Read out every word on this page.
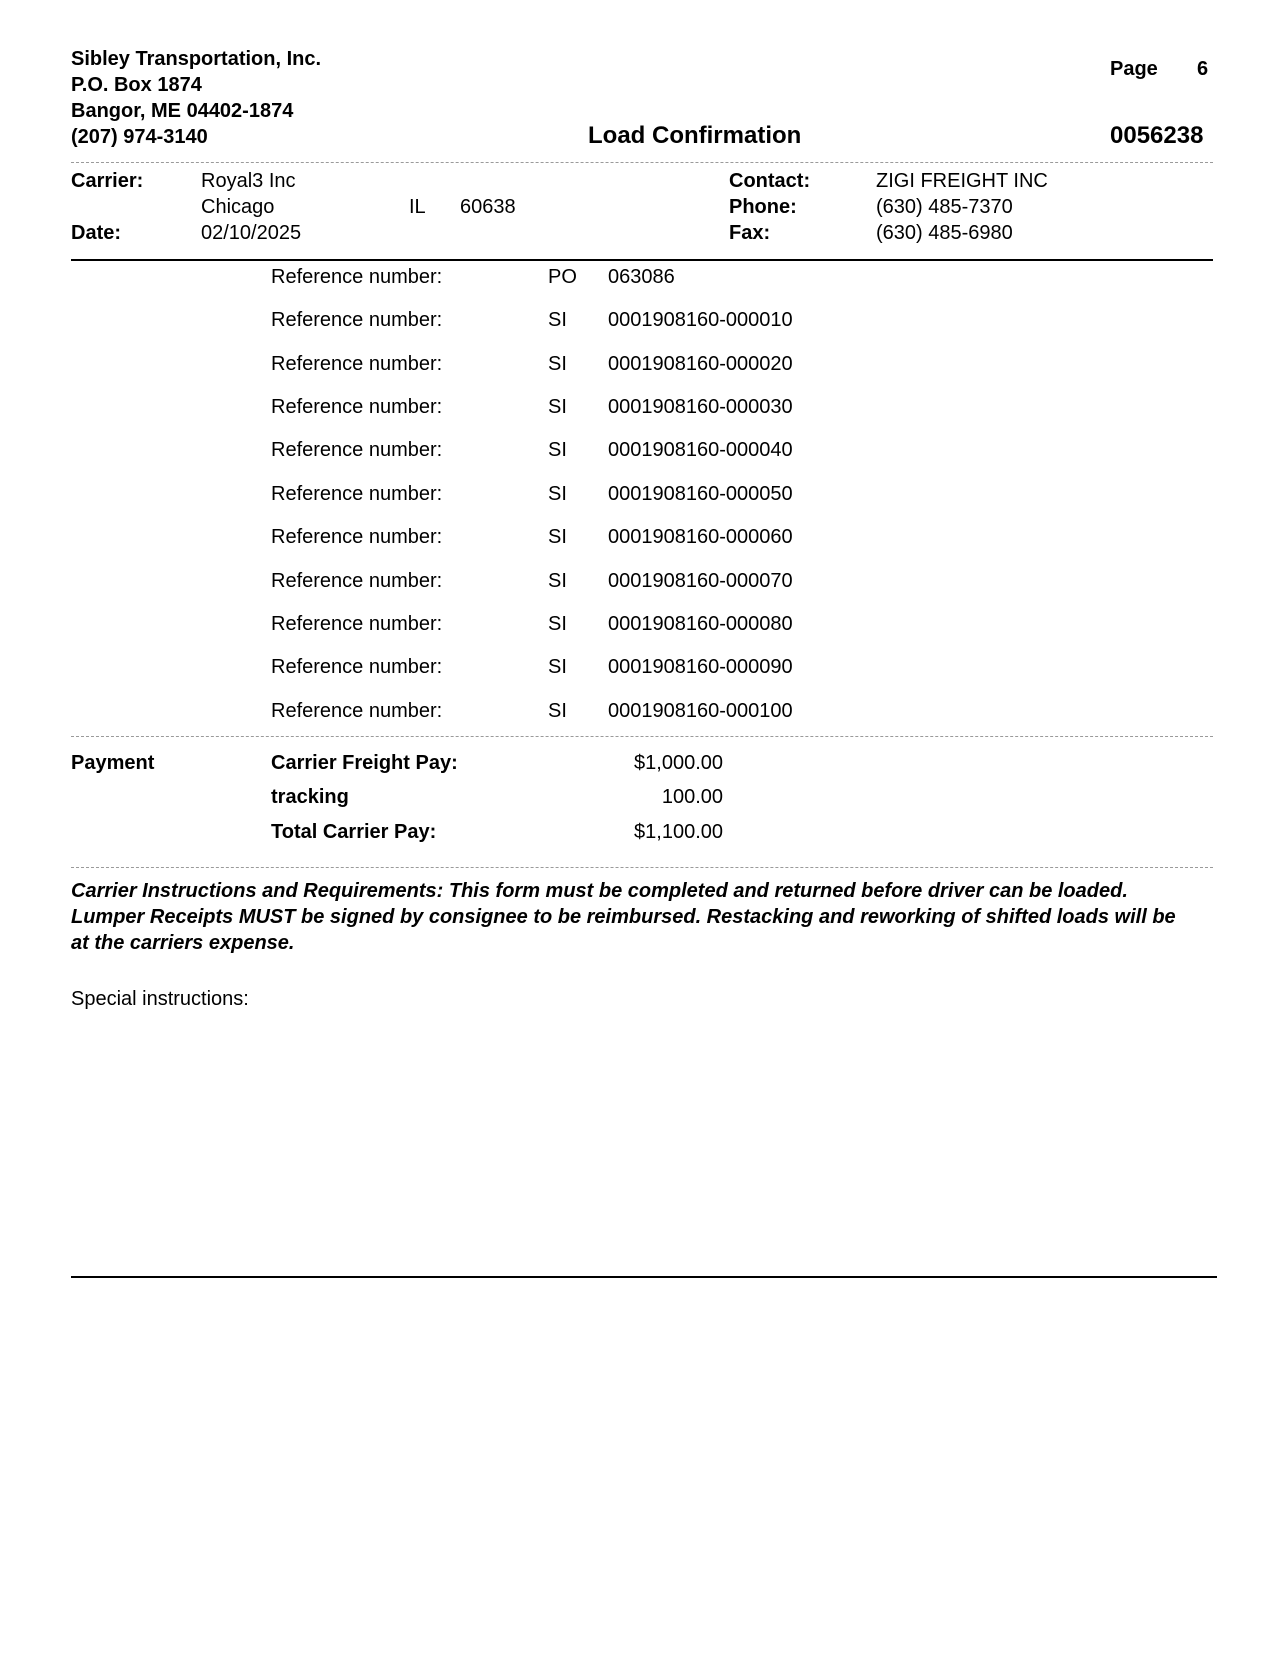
Sibley Transportation, Inc.
P.O. Box 1874
Bangor, ME 04402-1874
(207) 974-3140
Page 6
Load Confirmation	0056238
Carrier:	Royal3 Inc
Chicago	IL 60638
Date:	02/10/2025
Contact:	ZIGI FREIGHT INC
Phone:	(630) 485-7370
Fax:	(630) 485-6980
Reference number:	PO 063086
Reference number:	SI 0001908160-000010
Reference number:	SI 0001908160-000020
Reference number:	SI 0001908160-000030
Reference number:	SI 0001908160-000040
Reference number:	SI 0001908160-000050
Reference number:	SI 0001908160-000060
Reference number:	SI 0001908160-000070
Reference number:	SI 0001908160-000080
Reference number:	SI 0001908160-000090
Reference number:	SI 0001908160-000100
Payment	Carrier Freight Pay:	$1,000.00
tracking	100.00
Total Carrier Pay:	$1,100.00
Carrier Instructions and Requirements: This form must be completed and returned before driver can be loaded. Lumper Receipts MUST be signed by consignee to be reimbursed. Restacking and reworking of shifted loads will be at the carriers expense.
Special instructions:
